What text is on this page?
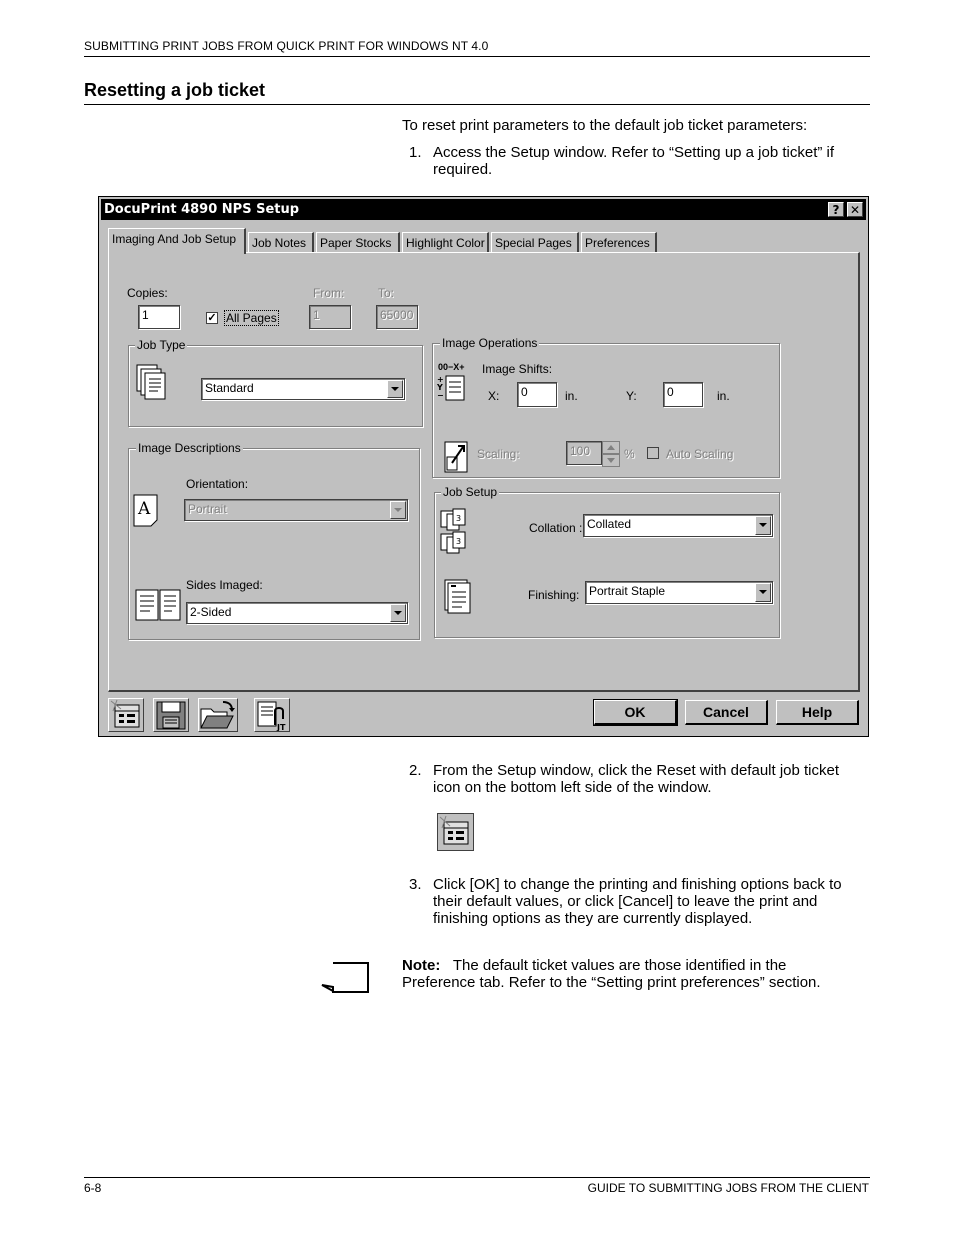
SUBMITTING PRINT JOBS FROM QUICK PRINT FOR WINDOWS NT 4.0
Resetting a job ticket
To reset print parameters to the default job ticket parameters:
1. Access the Setup window. Refer to “Setting up a job ticket” if required.
DocuPrint 4890 NPS Setup	? ✕
Imaging And Job Setup	Job Notes	Paper Stocks	Highlight Color Special Pages	Preferences
Copies:
1	✓ All Pages
From:
1
To:
65000
Job Type
Standard
Image Descriptions
Orientation:
A	Portrait
Sides Imaged:
2-Sided
Image Operations
00−X+
+
Y
−
Image Shifts:
X:	0	in.	Y:	0	in.
Scaling:	100	%	Auto Scaling
Job Setup
3
3
Collation : Collated
Finishing: Portrait Staple
JT
OK	Cancel	Help
2. From the Setup window, click the Reset with default job ticket icon on the bottom left side of the window.
3. Click [OK] to change the printing and finishing options back to their default values, or click [Cancel] to leave the print and finishing options as they are currently displayed.
Note: The default ticket values are those identified in the Preference tab. Refer to the “Setting print preferences” section.
6-8	GUIDE TO SUBMITTING JOBS FROM THE CLIENT
